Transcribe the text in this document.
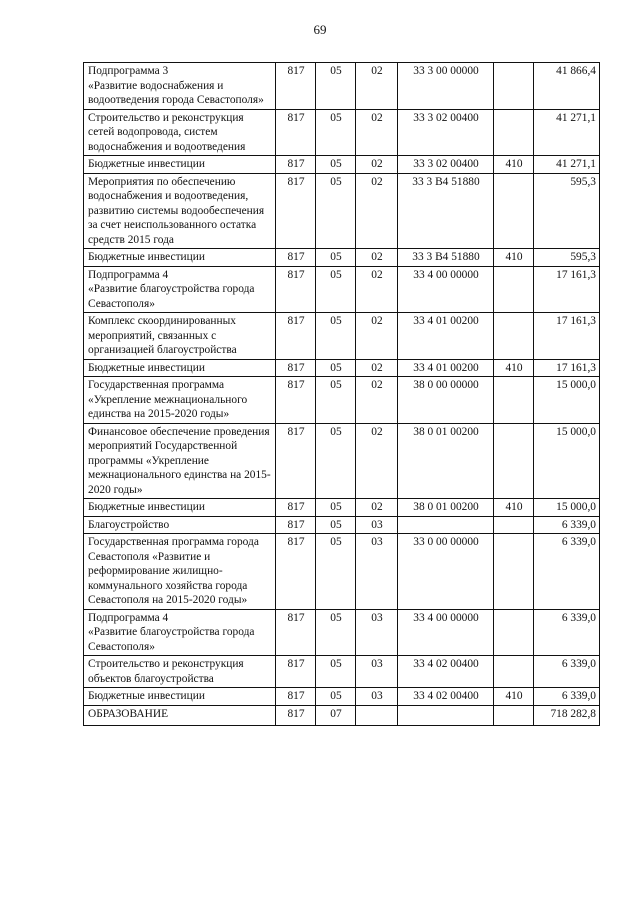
69
Подпрограмма 3
«Развитие водоснабжения и водоотведения города Севастополя»	817	05	02	33 3 00 00000		41 866,4
Строительство и реконструкция сетей водопровода, систем водоснабжения и водоотведения	817	05	02	33 3 02 00400		41 271,1
Бюджетные инвестиции	817	05	02	33 3 02 00400	410	41 271,1
Мероприятия по обеспечению водоснабжения и водоотведения, развитию системы водообеспечения за счет неиспользованного остатка средств 2015 года	817	05	02	33 3 В4 51880		595,3
Бюджетные инвестиции	817	05	02	33 3 В4 51880	410	595,3
Подпрограмма 4
«Развитие благоустройства города Севастополя»	817	05	02	33 4 00 00000		17 161,3
Комплекс скоординированных мероприятий, связанных с организацией благоустройства	817	05	02	33 4 01 00200		17 161,3
Бюджетные инвестиции	817	05	02	33 4 01 00200	410	17 161,3
Государственная программа «Укрепление межнационального единства на 2015-2020 годы»	817	05	02	38 0 00 00000		15 000,0
Финансовое обеспечение проведения мероприятий Государственной программы «Укрепление межнационального единства на 2015-2020 годы»	817	05	02	38 0 01 00200		15 000,0
Бюджетные инвестиции	817	05	02	38 0 01 00200	410	15 000,0
Благоустройство	817	05	03			6 339,0
Государственная программа города Севастополя «Развитие и реформирование жилищно-коммунального хозяйства города Севастополя на 2015-2020 годы»	817	05	03	33 0 00 00000		6 339,0
Подпрограмма 4
«Развитие благоустройства города Севастополя»	817	05	03	33 4 00 00000		6 339,0
Строительство и реконструкция объектов благоустройства	817	05	03	33 4 02 00400		6 339,0
Бюджетные инвестиции	817	05	03	33 4 02 00400	410	6 339,0
ОБРАЗОВАНИЕ	817	07				718 282,8
